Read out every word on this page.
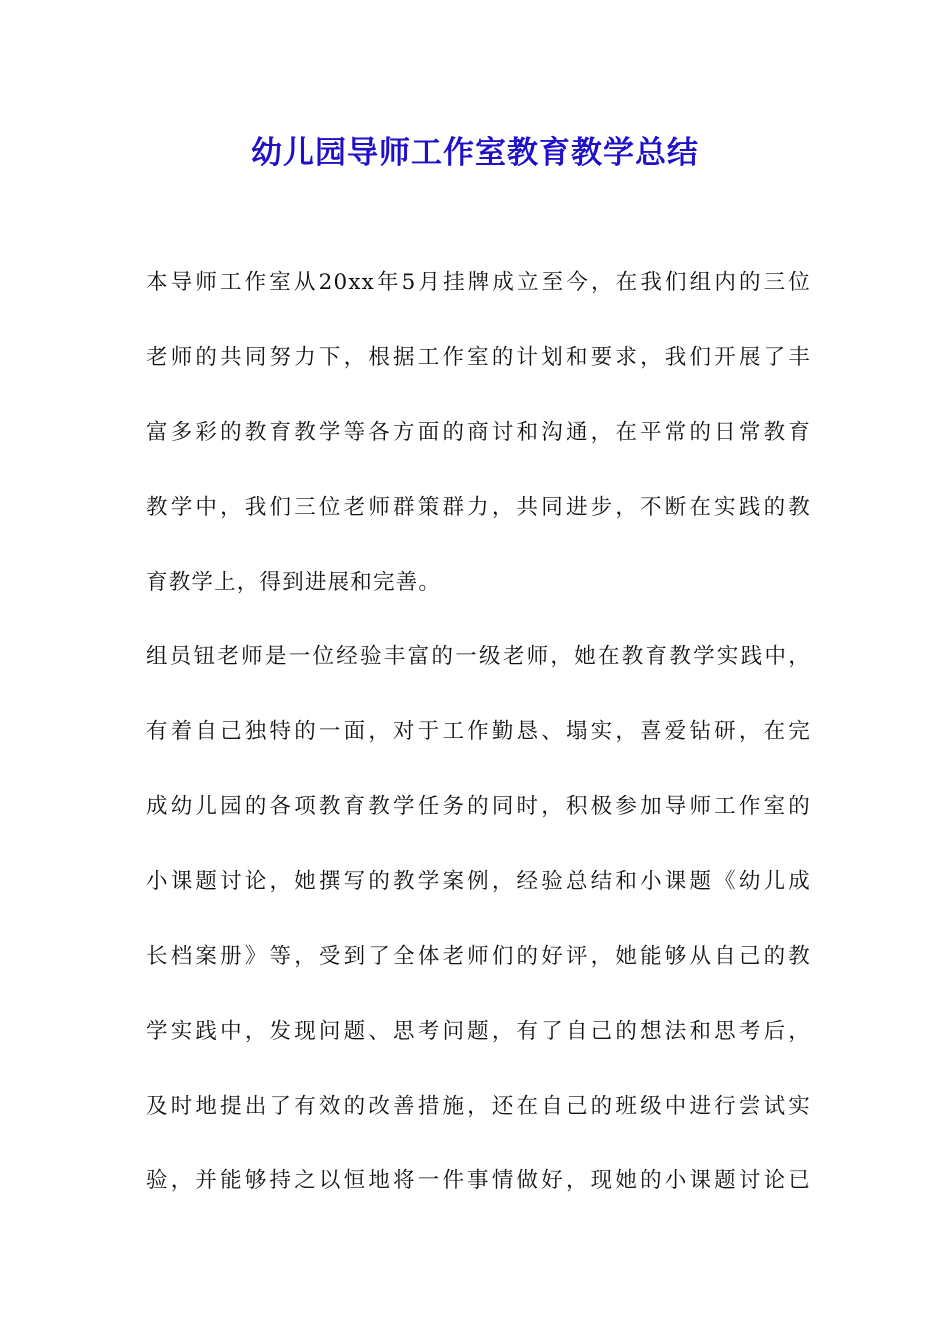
幼儿园导师工作室教育教学总结

本导师工作室从20xx年5月挂牌成立至今，在我们组内的三位

老师的共同努力下，根据工作室的计划和要求，我们开展了丰

富多彩的教育教学等各方面的商讨和沟通，在平常的日常教育

教学中，我们三位老师群策群力，共同进步，不断在实践的教

育教学上，得到进展和完善。

组员钮老师是一位经验丰富的一级老师，她在教育教学实践中，

有着自己独特的一面，对于工作勤恳、塌实，喜爱钻研，在完

成幼儿园的各项教育教学任务的同时，积极参加导师工作室的

小课题讨论，她撰写的教学案例，经验总结和小课题《幼儿成

长档案册》等，受到了全体老师们的好评，她能够从自己的教

学实践中，发现问题、思考问题，有了自己的想法和思考后，

及时地提出了有效的改善措施，还在自己的班级中进行尝试实

验，并能够持之以恒地将一件事情做好，现她的小课题讨论已
